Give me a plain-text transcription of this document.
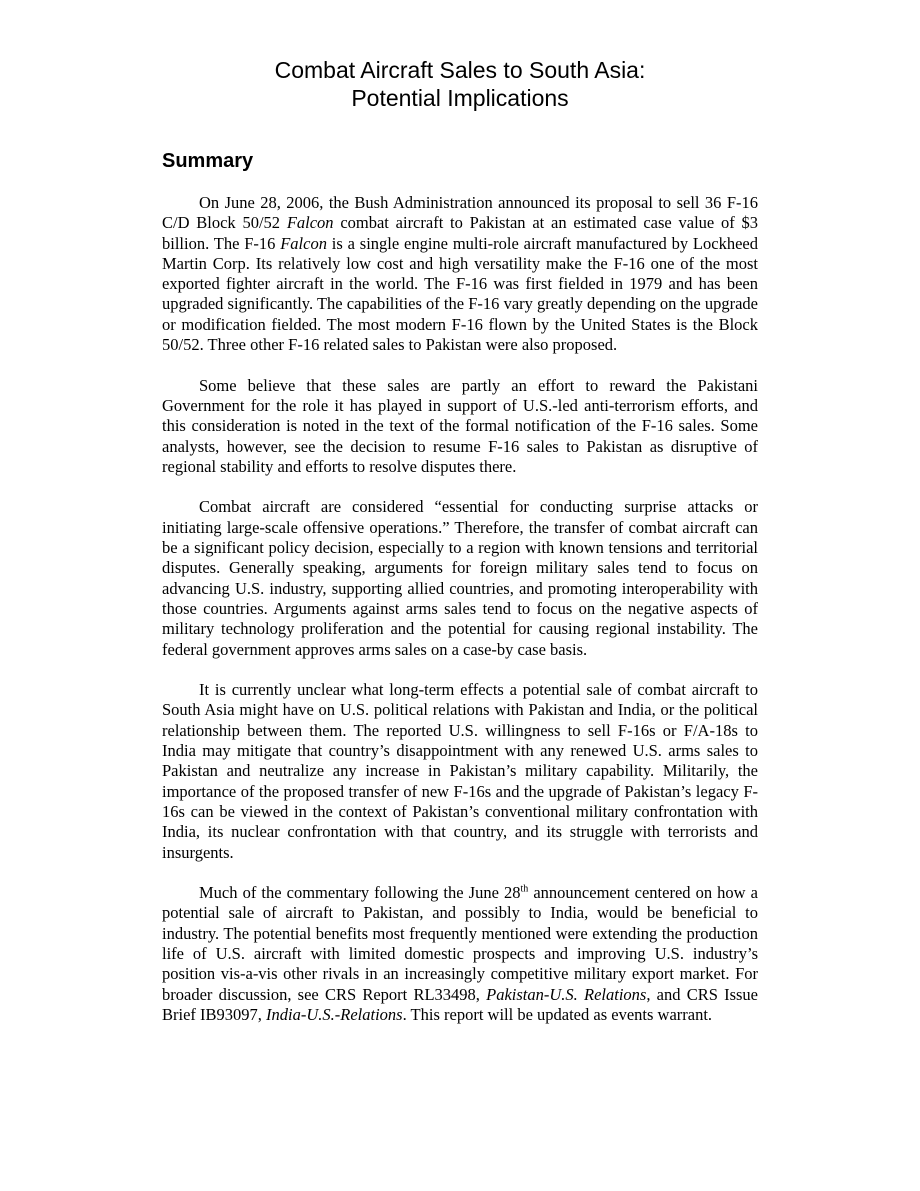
Combat Aircraft Sales to South Asia:
Potential Implications
Summary

On June 28, 2006, the Bush Administration announced its proposal to sell 36 F-16 C/D Block 50/52 Falcon combat aircraft to Pakistan at an estimated case value of $3 billion. The F-16 Falcon is a single engine multi-role aircraft manufactured by Lockheed Martin Corp. Its relatively low cost and high versatility make the F-16 one of the most exported fighter aircraft in the world. The F-16 was first fielded in 1979 and has been upgraded significantly. The capabilities of the F-16 vary greatly depending on the upgrade or modification fielded. The most modern F-16 flown by the United States is the Block 50/52. Three other F-16 related sales to Pakistan were also proposed.

Some believe that these sales are partly an effort to reward the Pakistani Government for the role it has played in support of U.S.-led anti-terrorism efforts, and this consideration is noted in the text of the formal notification of the F-16 sales. Some analysts, however, see the decision to resume F-16 sales to Pakistan as disruptive of regional stability and efforts to resolve disputes there.

Combat aircraft are considered “essential for conducting surprise attacks or initiating large-scale offensive operations.” Therefore, the transfer of combat aircraft can be a significant policy decision, especially to a region with known tensions and territorial disputes. Generally speaking, arguments for foreign military sales tend to focus on advancing U.S. industry, supporting allied countries, and promoting interoperability with those countries. Arguments against arms sales tend to focus on the negative aspects of military technology proliferation and the potential for causing regional instability. The federal government approves arms sales on a case-by case basis.

It is currently unclear what long-term effects a potential sale of combat aircraft to South Asia might have on U.S. political relations with Pakistan and India, or the political relationship between them. The reported U.S. willingness to sell F-16s or F/A-18s to India may mitigate that country’s disappointment with any renewed U.S. arms sales to Pakistan and neutralize any increase in Pakistan’s military capability. Militarily, the importance of the proposed transfer of new F-16s and the upgrade of Pakistan’s legacy F-16s can be viewed in the context of Pakistan’s conventional military confrontation with India, its nuclear confrontation with that country, and its struggle with terrorists and insurgents.

Much of the commentary following the June 28th announcement centered on how a potential sale of aircraft to Pakistan, and possibly to India, would be beneficial to industry. The potential benefits most frequently mentioned were extending the production life of U.S. aircraft with limited domestic prospects and improving U.S. industry’s position vis-a-vis other rivals in an increasingly competitive military export market. For broader discussion, see CRS Report RL33498, Pakistan-U.S. Relations, and CRS Issue Brief IB93097, India-U.S.-Relations. This report will be updated as events warrant.
